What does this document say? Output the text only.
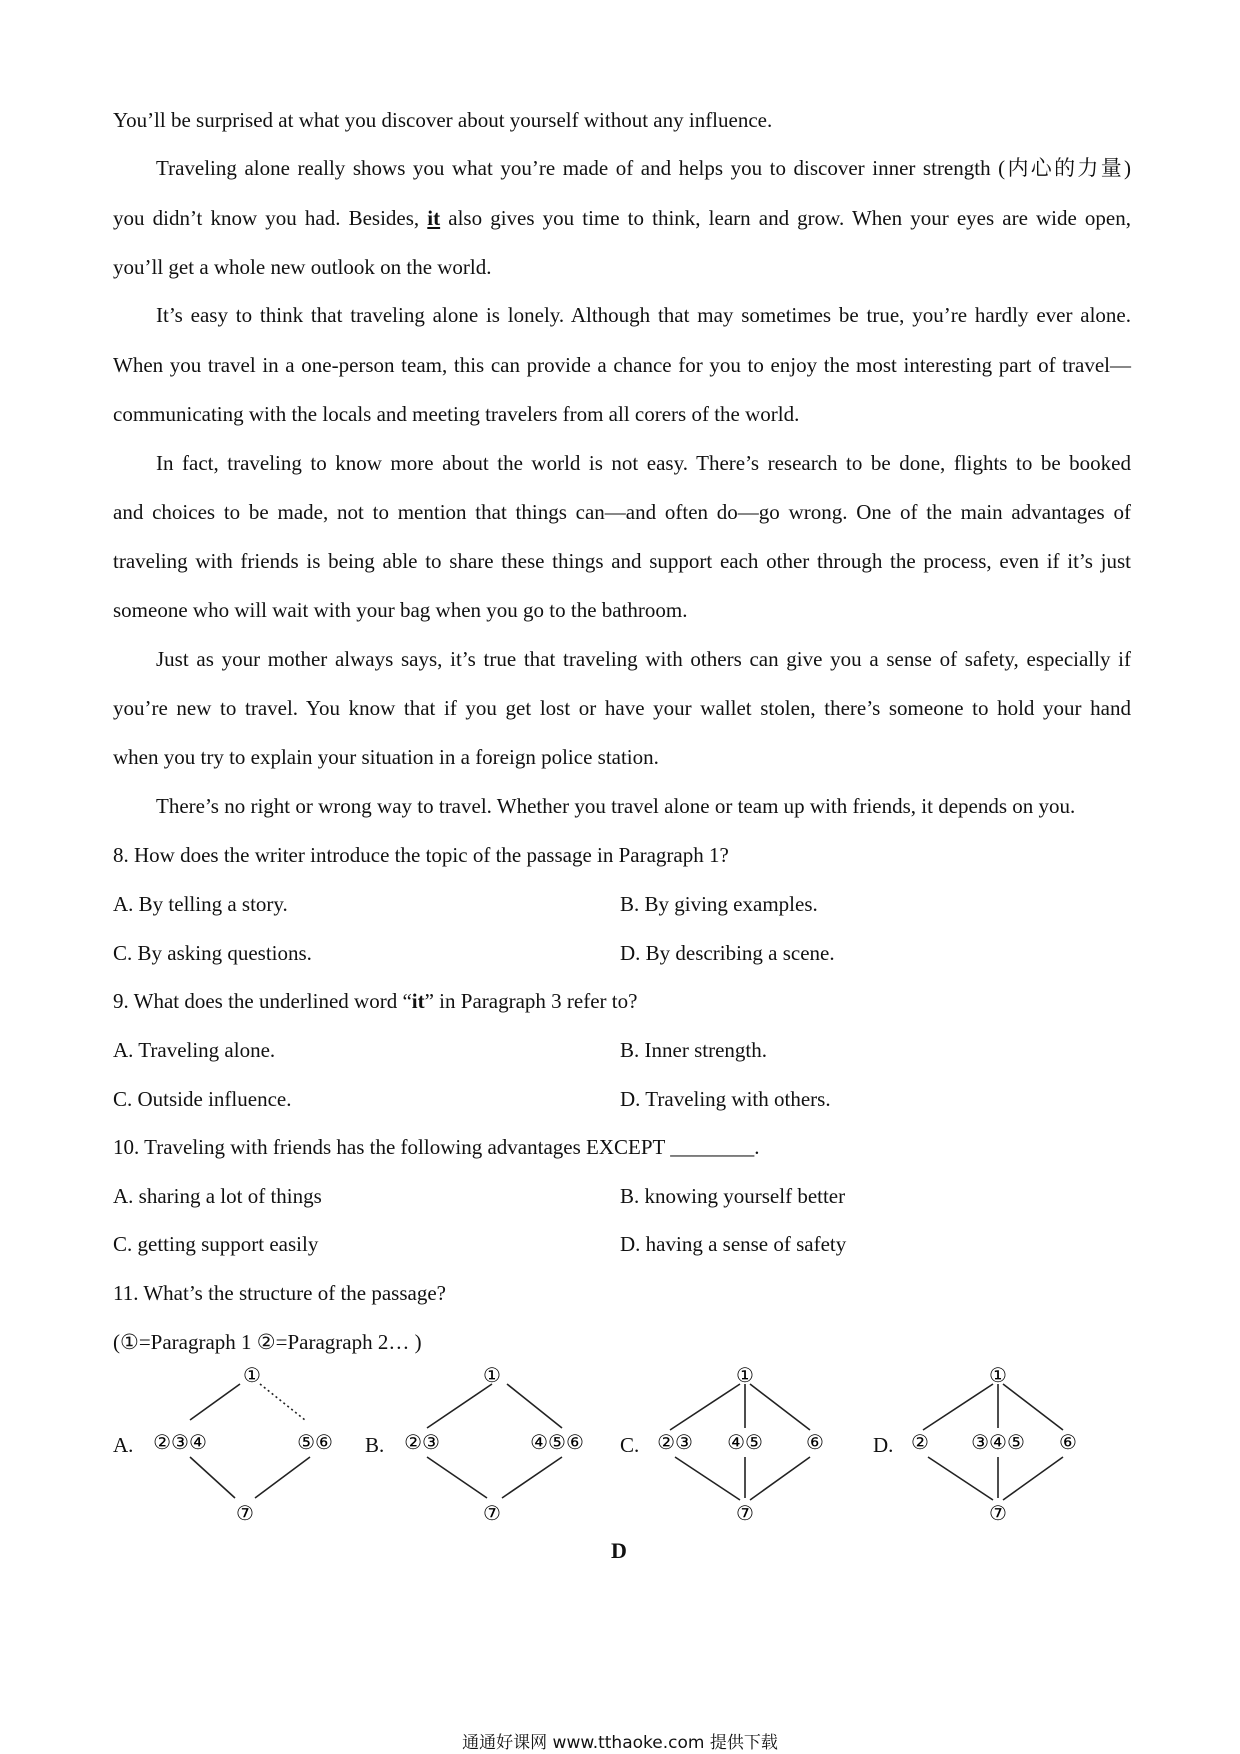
You’ll be surprised at what you discover about yourself without any influence.
Traveling alone really shows you what you’re made of and helps you to discover inner strength (内心的力量)
you didn’t know you had. Besides, it also gives you time to think, learn and grow. When your eyes are wide open,
you’ll get a whole new outlook on the world.
It’s easy to think that traveling alone is lonely. Although that may sometimes be true, you’re hardly ever alone.
When you travel in a one-person team, this can provide a chance for you to enjoy the most interesting part of travel—
communicating with the locals and meeting travelers from all corers of the world.
In fact, traveling to know more about the world is not easy. There’s research to be done, flights to be booked
and choices to be made, not to mention that things can—and often do—go wrong. One of the main advantages of
traveling with friends is being able to share these things and support each other through the process, even if it’s just
someone who will wait with your bag when you go to the bathroom.
Just as your mother always says, it’s true that traveling with others can give you a sense of safety, especially if
you’re new to travel. You know that if you get lost or have your wallet stolen, there’s someone to hold your hand
when you try to explain your situation in a foreign police station.
There’s no right or wrong way to travel. Whether you travel alone or team up with friends, it depends on you.
8. How does the writer introduce the topic of the passage in Paragraph 1?
A. By telling a story.	B. By giving examples.
C. By asking questions.	D. By describing a scene.
9. What does the underlined word “it” in Paragraph 3 refer to?
A. Traveling alone.	B. Inner strength.
C. Outside influence.	D. Traveling with others.
10. Traveling with friends has the following advantages EXCEPT ________.
A. sharing a lot of things	B. knowing yourself better
C. getting support easily	D. having a sense of safety
11. What’s the structure of the passage?
(①=Paragraph 1 ②=Paragraph 2… )
A.
①
②③④	⑤⑥
⑦
B.
①
②③	④⑤⑥
⑦
C.
①
②③ ④⑤ ⑥
⑦
D.
①
② ③④⑤ ⑥
⑦
D
通通好课网 www.tthaoke.com 提供下载
